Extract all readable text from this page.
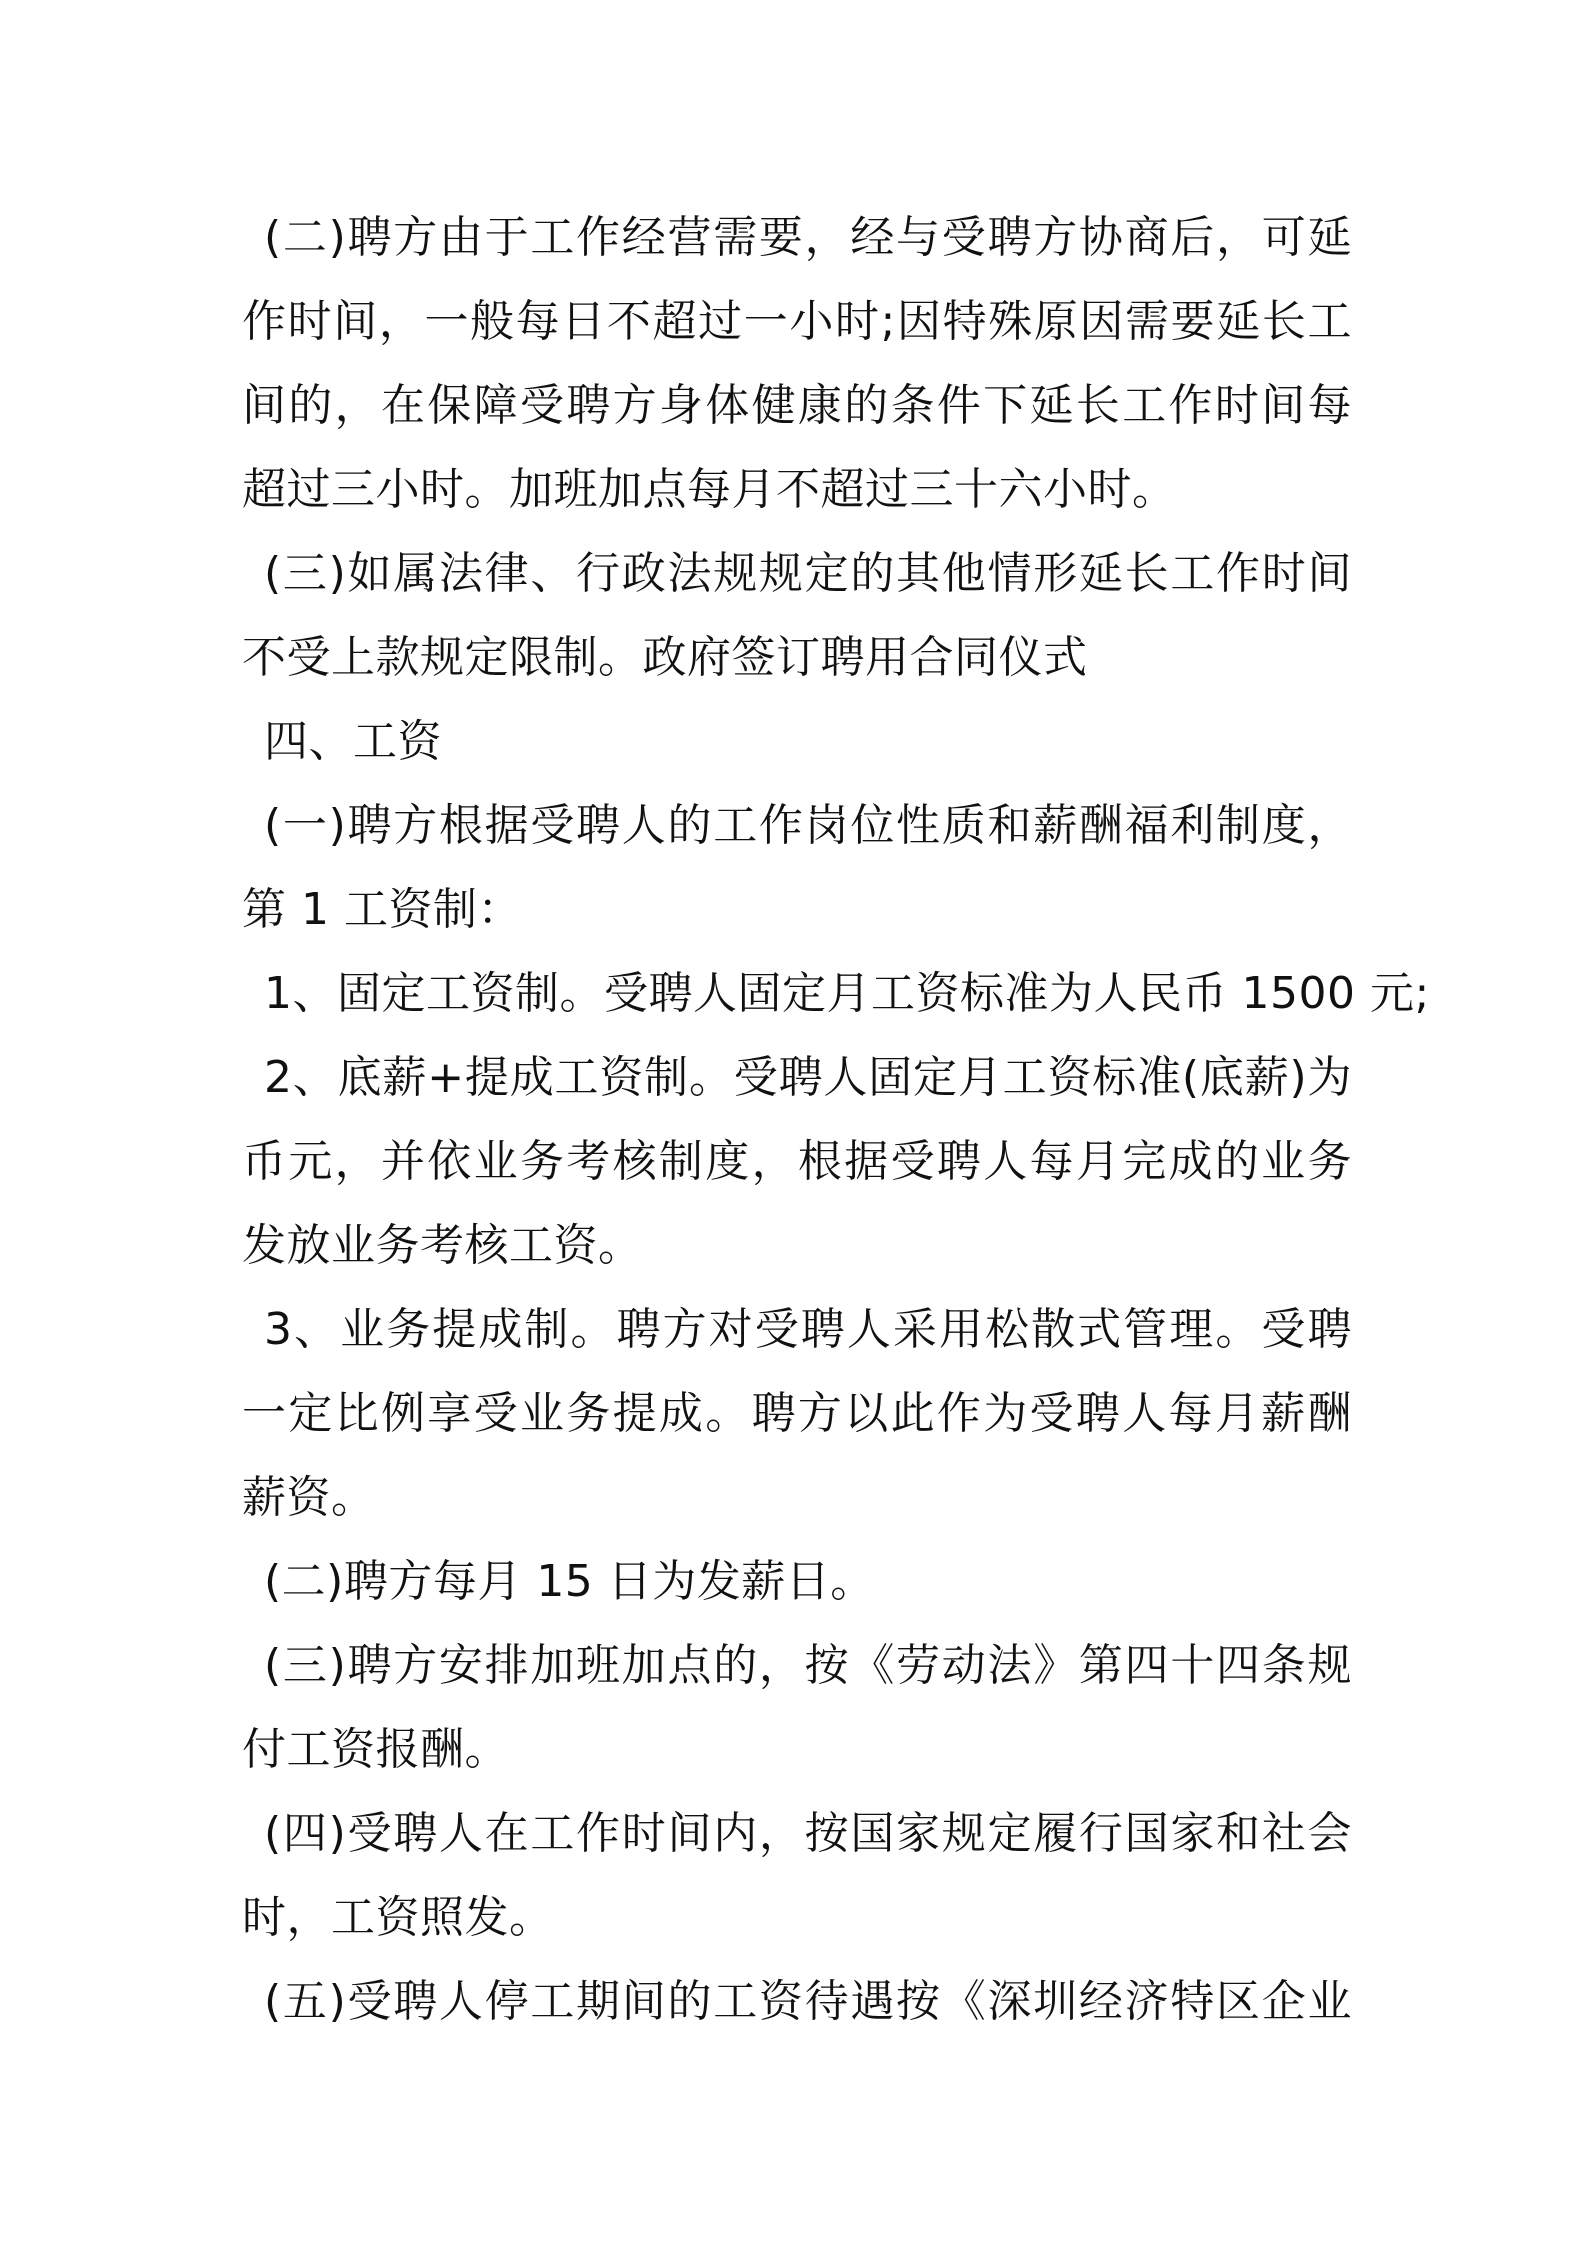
(二)聘方由于工作经营需要，经与受聘方协商后，可延
作时间，一般每日不超过一小时;因特殊原因需要延长工
间的，在保障受聘方身体健康的条件下延长工作时间每
超过三小时。加班加点每月不超过三十六小时。
(三)如属法律、行政法规规定的其他情形延长工作时间
不受上款规定限制。政府签订聘用合同仪式
四、工资
(一)聘方根据受聘人的工作岗位性质和薪酬福利制度，
第 1 工资制：
1、固定工资制。受聘人固定月工资标准为人民币 1500 元;
2、底薪+提成工资制。受聘人固定月工资标准(底薪)为
币元，并依业务考核制度，根据受聘人每月完成的业务
发放业务考核工资。
3、业务提成制。聘方对受聘人采用松散式管理。受聘
一定比例享受业务提成。聘方以此作为受聘人每月薪酬
薪资。
(二)聘方每月 15 日为发薪日。
(三)聘方安排加班加点的，按《劳动法》第四十四条规
付工资报酬。
(四)受聘人在工作时间内，按国家规定履行国家和社会
时，工资照发。
(五)受聘人停工期间的工资待遇按《深圳经济特区企业
